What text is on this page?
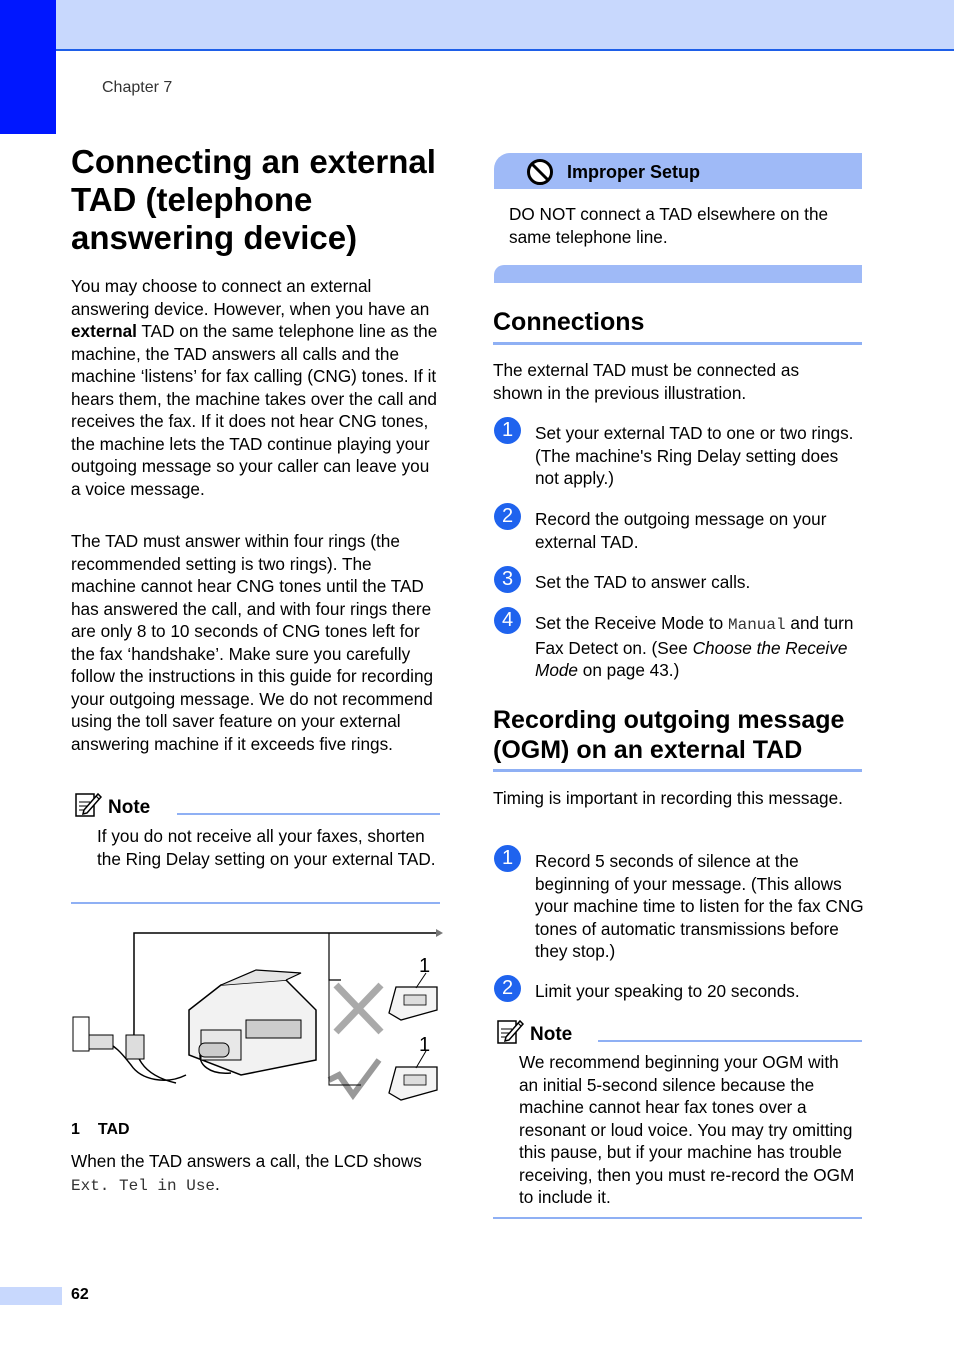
Chapter 7
Connecting an external TAD (telephone answering device)

You may choose to connect an external answering device. However, when you have an external TAD on the same telephone line as the machine, the TAD answers all calls and the machine ‘listens’ for fax calling (CNG) tones. If it hears them, the machine takes over the call and receives the fax. If it does not hear CNG tones, the machine lets the TAD continue playing your outgoing message so your caller can leave you a voice message.

The TAD must answer within four rings (the recommended setting is two rings). The machine cannot hear CNG tones until the TAD has answered the call, and with four rings there are only 8 to 10 seconds of CNG tones left for the fax ‘handshake’. Make sure you carefully follow the instructions in this guide for recording your outgoing message. We do not recommend using the toll saver feature on your external answering machine if it exceeds five rings.

Note

If you do not receive all your faxes, shorten the Ring Delay setting on your external TAD.

1
1
1 TAD

When the TAD answers a call, the LCD shows Ext. Tel in Use.

Improper Setup

DO NOT connect a TAD elsewhere on the same telephone line.

Connections

The external TAD must be connected as shown in the previous illustration.

1	Set your external TAD to one or two rings. (The machine's Ring Delay setting does not apply.)

2	Record the outgoing message on your external TAD.

3	Set the TAD to answer calls.

4	Set the Receive Mode to Manual and turn Fax Detect on. (See Choose the Receive Mode on page 43.)

Recording outgoing message (OGM) on an external TAD

Timing is important in recording this message.

1	Record 5 seconds of silence at the beginning of your message. (This allows your machine time to listen for the fax CNG tones of automatic transmissions before they stop.)

2	Limit your speaking to 20 seconds.

Note

We recommend beginning your OGM with an initial 5-second silence because the machine cannot hear fax tones over a resonant or loud voice. You may try omitting this pause, but if your machine has trouble receiving, then you must re-record the OGM to include it.

62
